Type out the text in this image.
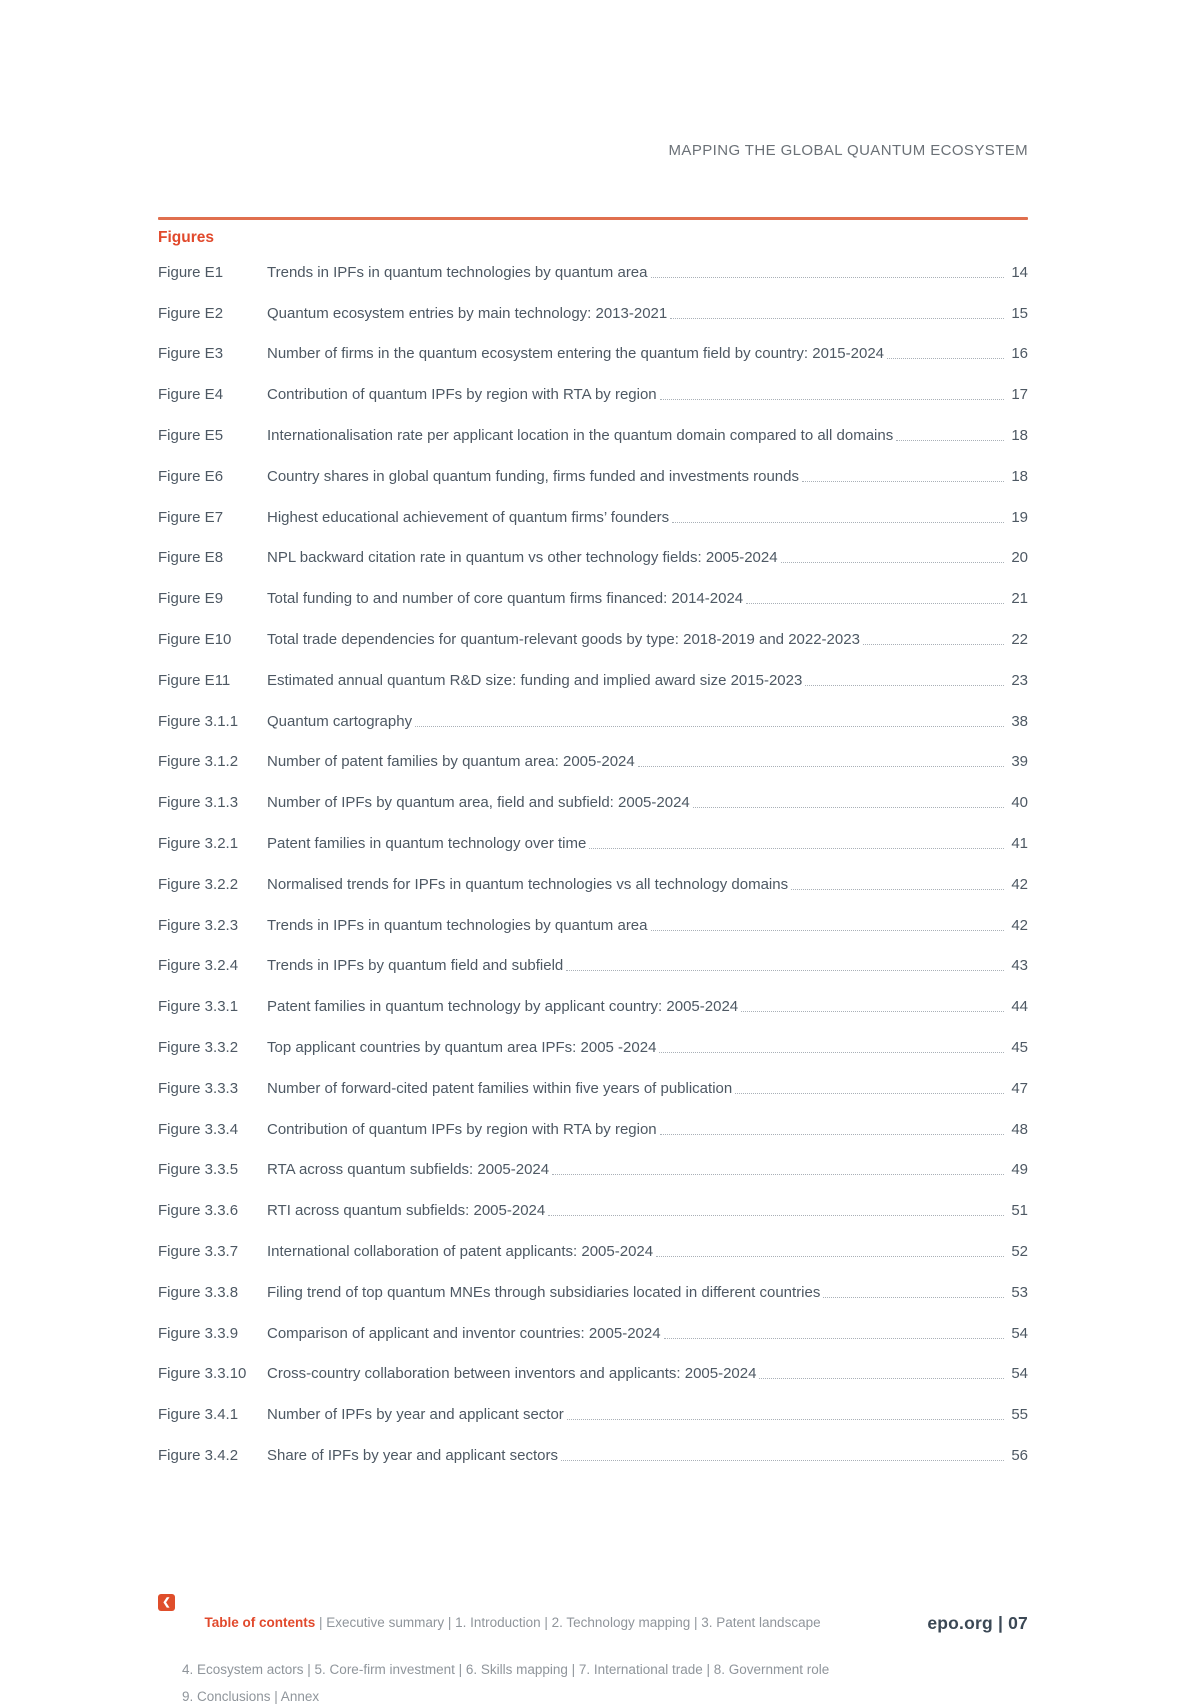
MAPPING THE GLOBAL QUANTUM ECOSYSTEM
Figures
Figure E1	Trends in IPFs in quantum technologies by quantum area	14
Figure E2	Quantum ecosystem entries by main technology: 2013-2021	15
Figure E3	Number of firms in the quantum ecosystem entering the quantum field by country: 2015-2024	16
Figure E4	Contribution of quantum IPFs by region with RTA by region	17
Figure E5	Internationalisation rate per applicant location in the quantum domain compared to all domains	18
Figure E6	Country shares in global quantum funding, firms funded and investments rounds	18
Figure E7	Highest educational achievement of quantum firms’ founders	19
Figure E8	NPL backward citation rate in quantum vs other technology fields: 2005-2024	20
Figure E9	Total funding to and number of core quantum firms financed: 2014-2024	21
Figure E10	Total trade dependencies for quantum-relevant goods by type: 2018-2019 and 2022-2023	22
Figure E11	Estimated annual quantum R&D size: funding and implied award size 2015-2023	23
Figure 3.1.1	Quantum cartography	38
Figure 3.1.2	Number of patent families by quantum area: 2005-2024	39
Figure 3.1.3	Number of IPFs by quantum area, field and subfield: 2005-2024	40
Figure 3.2.1	Patent families in quantum technology over time	41
Figure 3.2.2	Normalised trends for IPFs in quantum technologies vs all technology domains	42
Figure 3.2.3	Trends in IPFs in quantum technologies by quantum area	42
Figure 3.2.4	Trends in IPFs by quantum field and subfield	43
Figure 3.3.1	Patent families in quantum technology by applicant country: 2005-2024	44
Figure 3.3.2	Top applicant countries by quantum area IPFs: 2005 -2024	45
Figure 3.3.3	Number of forward-cited patent families within five years of publication	47
Figure 3.3.4	Contribution of quantum IPFs by region with RTA by region	48
Figure 3.3.5	RTA across quantum subfields: 2005-2024	49
Figure 3.3.6	RTI across quantum subfields: 2005-2024	51
Figure 3.3.7	International collaboration of patent applicants: 2005-2024	52
Figure 3.3.8	Filing trend of top quantum MNEs through subsidiaries located in different countries	53
Figure 3.3.9	Comparison of applicant and inventor countries: 2005-2024	54
Figure 3.3.10	Cross-country collaboration between inventors and applicants: 2005-2024	54
Figure 3.4.1	Number of IPFs by year and applicant sector	55
Figure 3.4.2	Share of IPFs by year and applicant sectors	56
❮

Table of contents | Executive summary | 1. Introduction | 2. Technology mapping | 3. Patent landscape
	epo.org | 07

4. Ecosystem actors | 5. Core-firm investment | 6. Skills mapping | 7. International trade | 8. Government role
9. Conclusions | Annex
